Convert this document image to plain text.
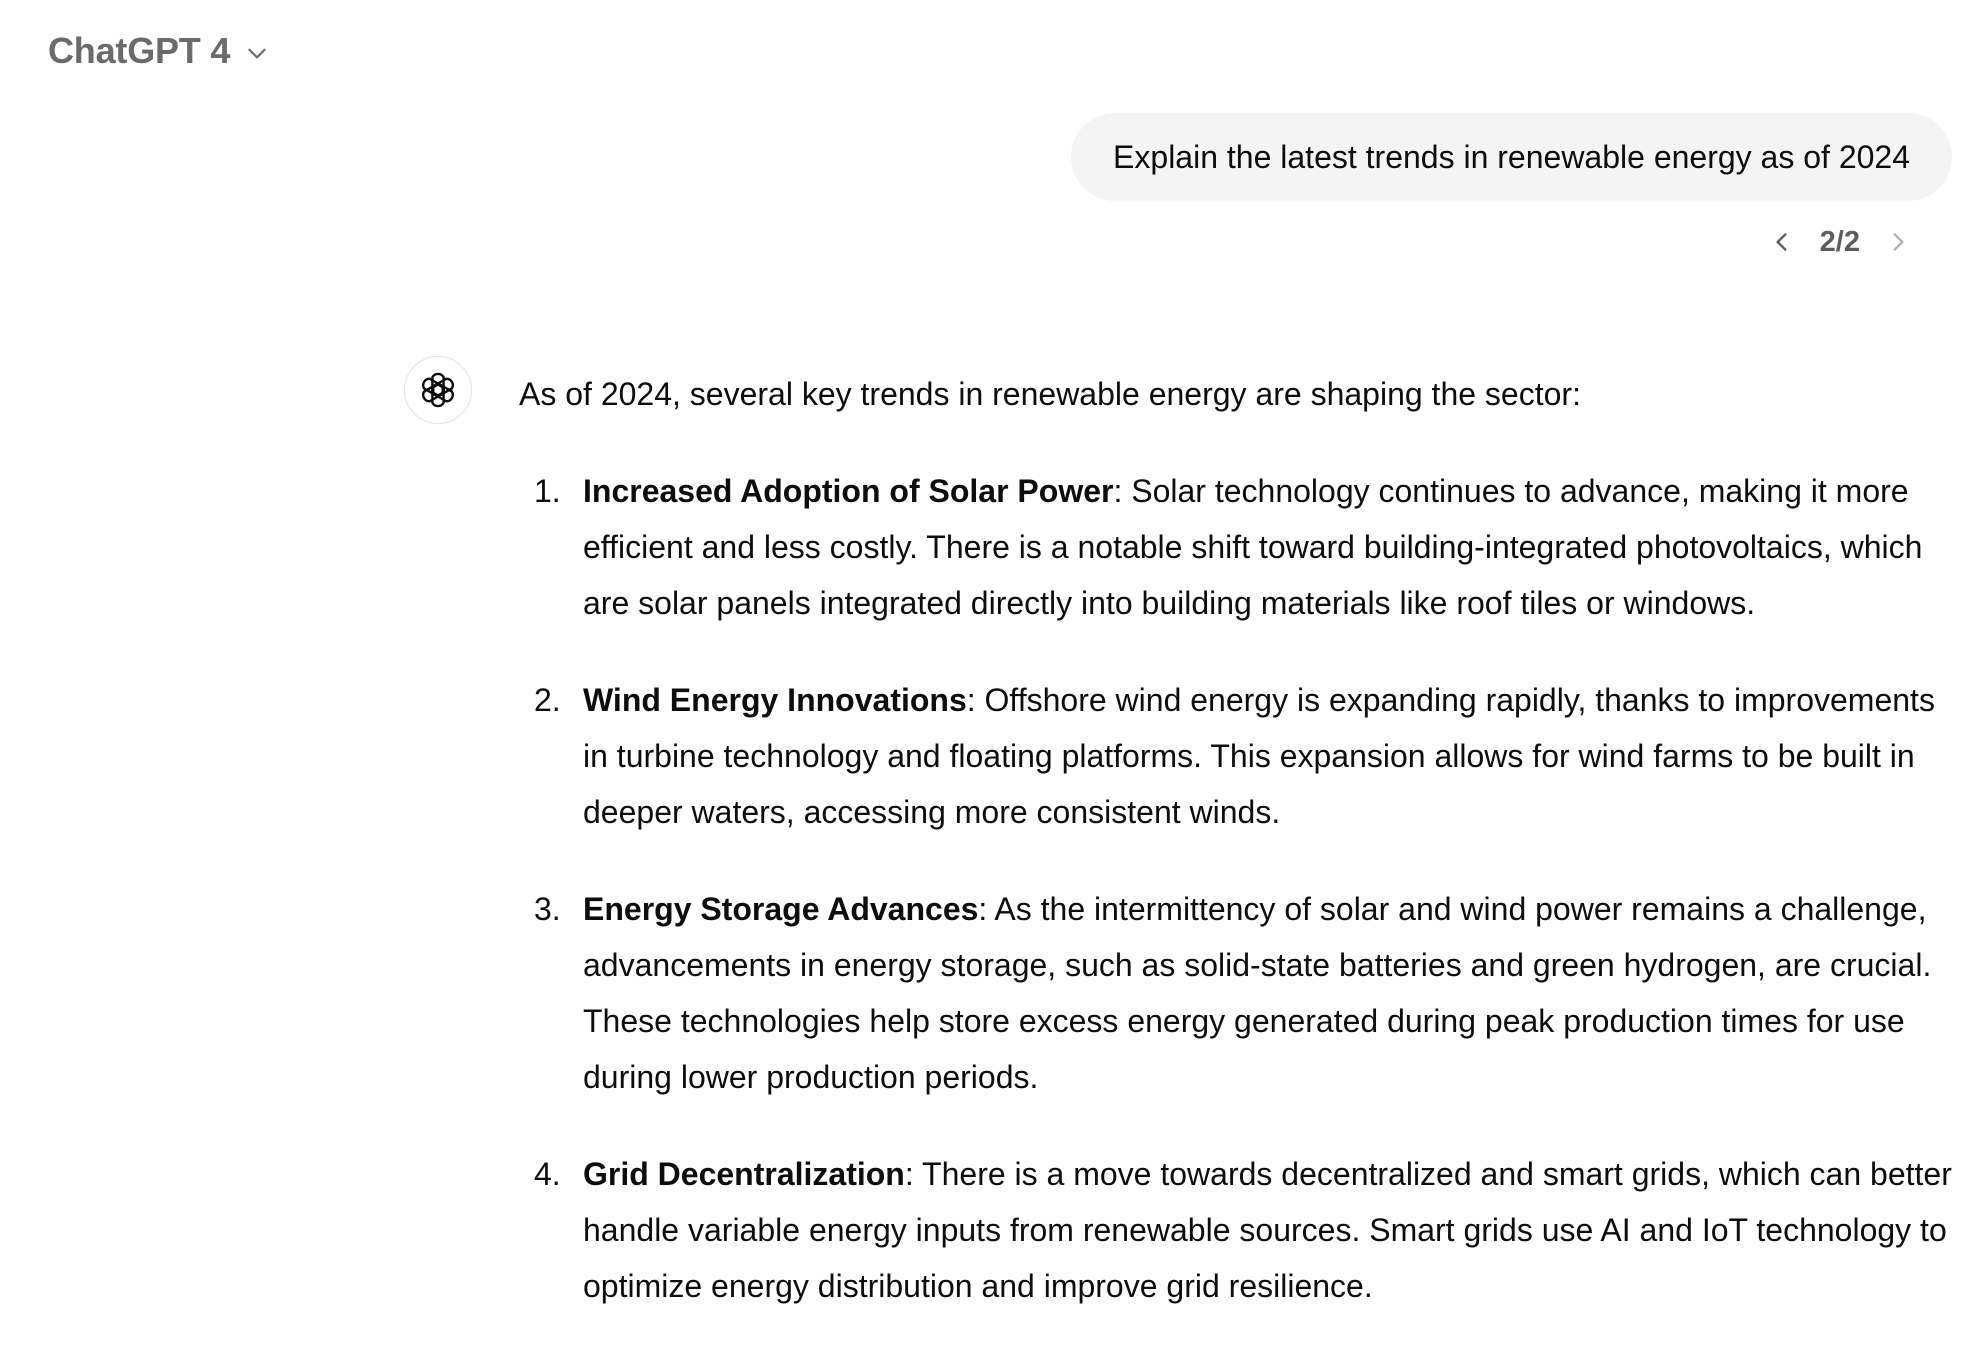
ChatGPT 4
Explain the latest trends in renewable energy as of 2024
2/2

As of 2024, several key trends in renewable energy are shaping the sector:

1. Increased Adoption of Solar Power: Solar technology continues to advance, making it more efficient and less costly. There is a notable shift toward building-integrated photovoltaics, which are solar panels integrated directly into building materials like roof tiles or windows.
2. Wind Energy Innovations: Offshore wind energy is expanding rapidly, thanks to improvements in turbine technology and floating platforms. This expansion allows for wind farms to be built in deeper waters, accessing more consistent winds.
3. Energy Storage Advances: As the intermittency of solar and wind power remains a challenge, advancements in energy storage, such as solid-state batteries and green hydrogen, are crucial. These technologies help store excess energy generated during peak production times for use during lower production periods.
4. Grid Decentralization: There is a move towards decentralized and smart grids, which can better handle variable energy inputs from renewable sources. Smart grids use AI and IoT technology to optimize energy distribution and improve grid resilience.
